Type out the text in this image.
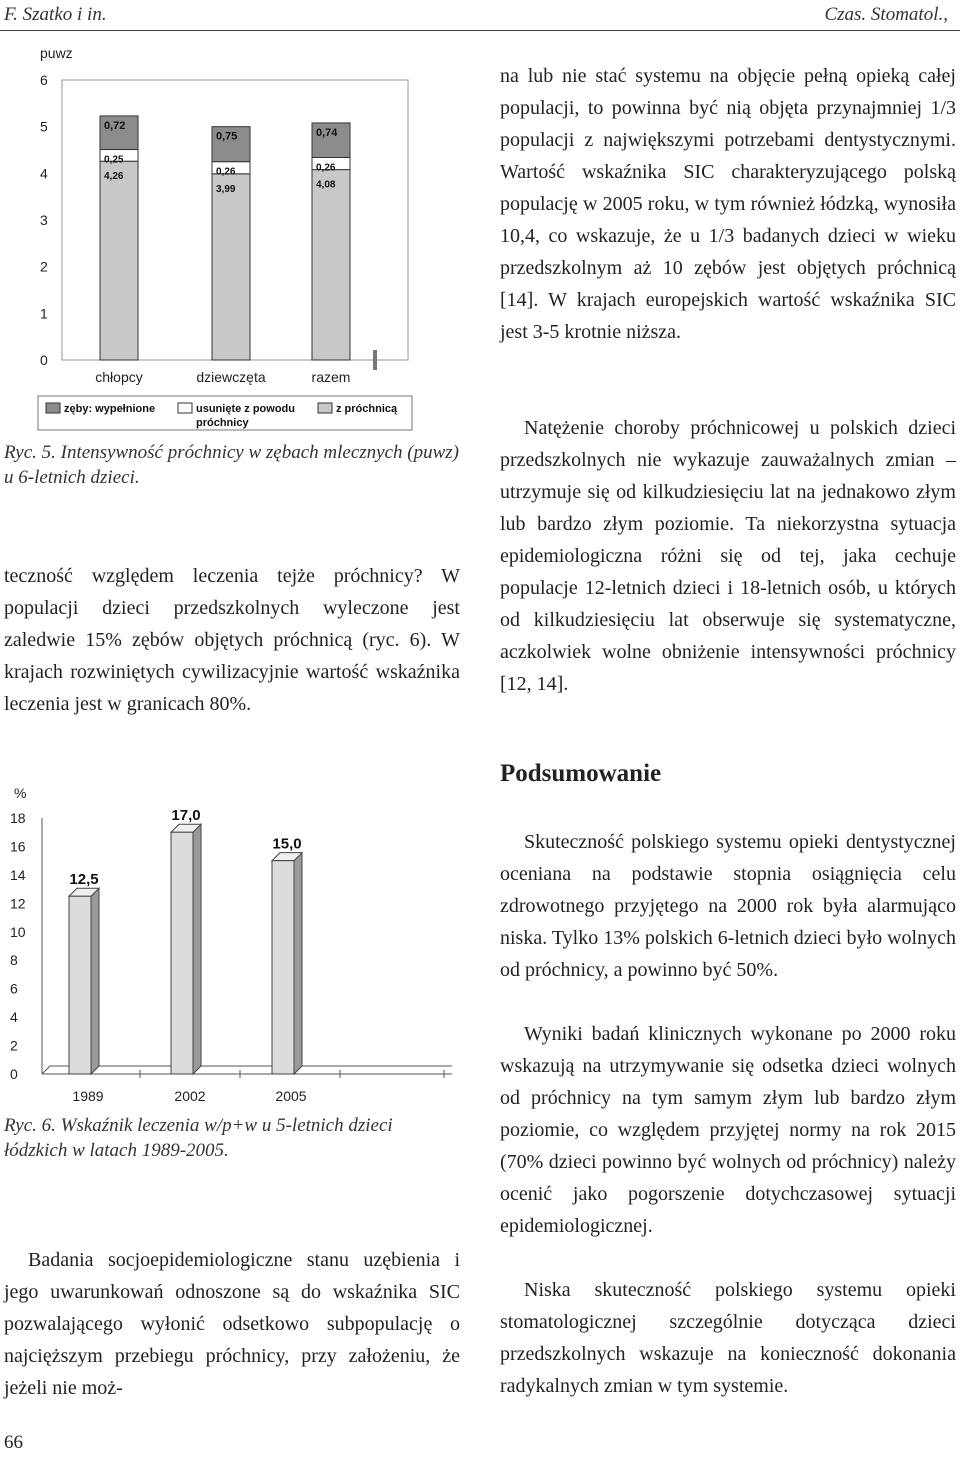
F. Szatko i in.	Czas. Stomatol.,
puwz
0
1
2
3
4
5
6
4,26
0,25
0,72
chłopcy
3,99
0,26
0,75
dziewczęta
4,08
0,26
0,74
razem
zęby: wypełnione	usunięte z powodu
próchnicy
z próchnicą
Ryc. 5. Intensywność próchnicy w zębach mlecznych (puwz) u 6-letnich dzieci.
teczność względem leczenia tejże próchnicy? W populacji dzieci przedszkolnych wyleczone jest zaledwie 15% zębów objętych próchnicą (ryc. 6). W krajach rozwiniętych cywilizacyjnie wartość wskaźnika leczenia jest w granicach 80%.
%
0
2
4
6
8
10
12
14
16
18
12,5
1989
17,0
2002
15,0
2005
Ryc. 6. Wskaźnik leczenia w/p+w u 5-letnich dzieci łódzkich w latach 1989-2005.
Badania socjoepidemiologiczne stanu uzębienia i jego uwarunkowań odnoszone są do wskaźnika SIC pozwalającego wyłonić odsetkowo subpopulację o najcięższym przebiegu próchnicy, przy założeniu, że jeżeli nie moż-
na lub nie stać systemu na objęcie pełną opieką całej populacji, to powinna być nią objęta przynajmniej 1/3 populacji z największymi potrzebami dentystycznymi. Wartość wskaźnika SIC charakteryzującego polską populację w 2005 roku, w tym również łódzką, wynosiła 10,4, co wskazuje, że u 1/3 badanych dzieci w wieku przedszkolnym aż 10 zębów jest objętych próchnicą [14]. W krajach europejskich wartość wskaźnika SIC jest 3-5 krotnie niższa.
Natężenie choroby próchnicowej u polskich dzieci przedszkolnych nie wykazuje zauważalnych zmian – utrzymuje się od kilkudziesięciu lat na jednakowo złym lub bardzo złym poziomie. Ta niekorzystna sytuacja epidemiologiczna różni się od tej, jaka cechuje populacje 12-letnich dzieci i 18-letnich osób, u których od kilkudziesięciu lat obserwuje się systematyczne, aczkolwiek wolne obniżenie intensywności próchnicy [12, 14].
Podsumowanie
Skuteczność polskiego systemu opieki dentystycznej oceniana na podstawie stopnia osiągnięcia celu zdrowotnego przyjętego na 2000 rok była alarmująco niska. Tylko 13% polskich 6-letnich dzieci było wolnych od próchnicy, a powinno być 50%.
Wyniki badań klinicznych wykonane po 2000 roku wskazują na utrzymywanie się odsetka dzieci wolnych od próchnicy na tym samym złym lub bardzo złym poziomie, co względem przyjętej normy na rok 2015 (70% dzieci powinno być wolnych od próchnicy) należy ocenić jako pogorszenie dotychczasowej sytuacji epidemiologicznej.
Niska skuteczność polskiego systemu opieki stomatologicznej szczególnie dotycząca dzieci przedszkolnych wskazuje na konieczność dokonania radykalnych zmian w tym systemie.
66
